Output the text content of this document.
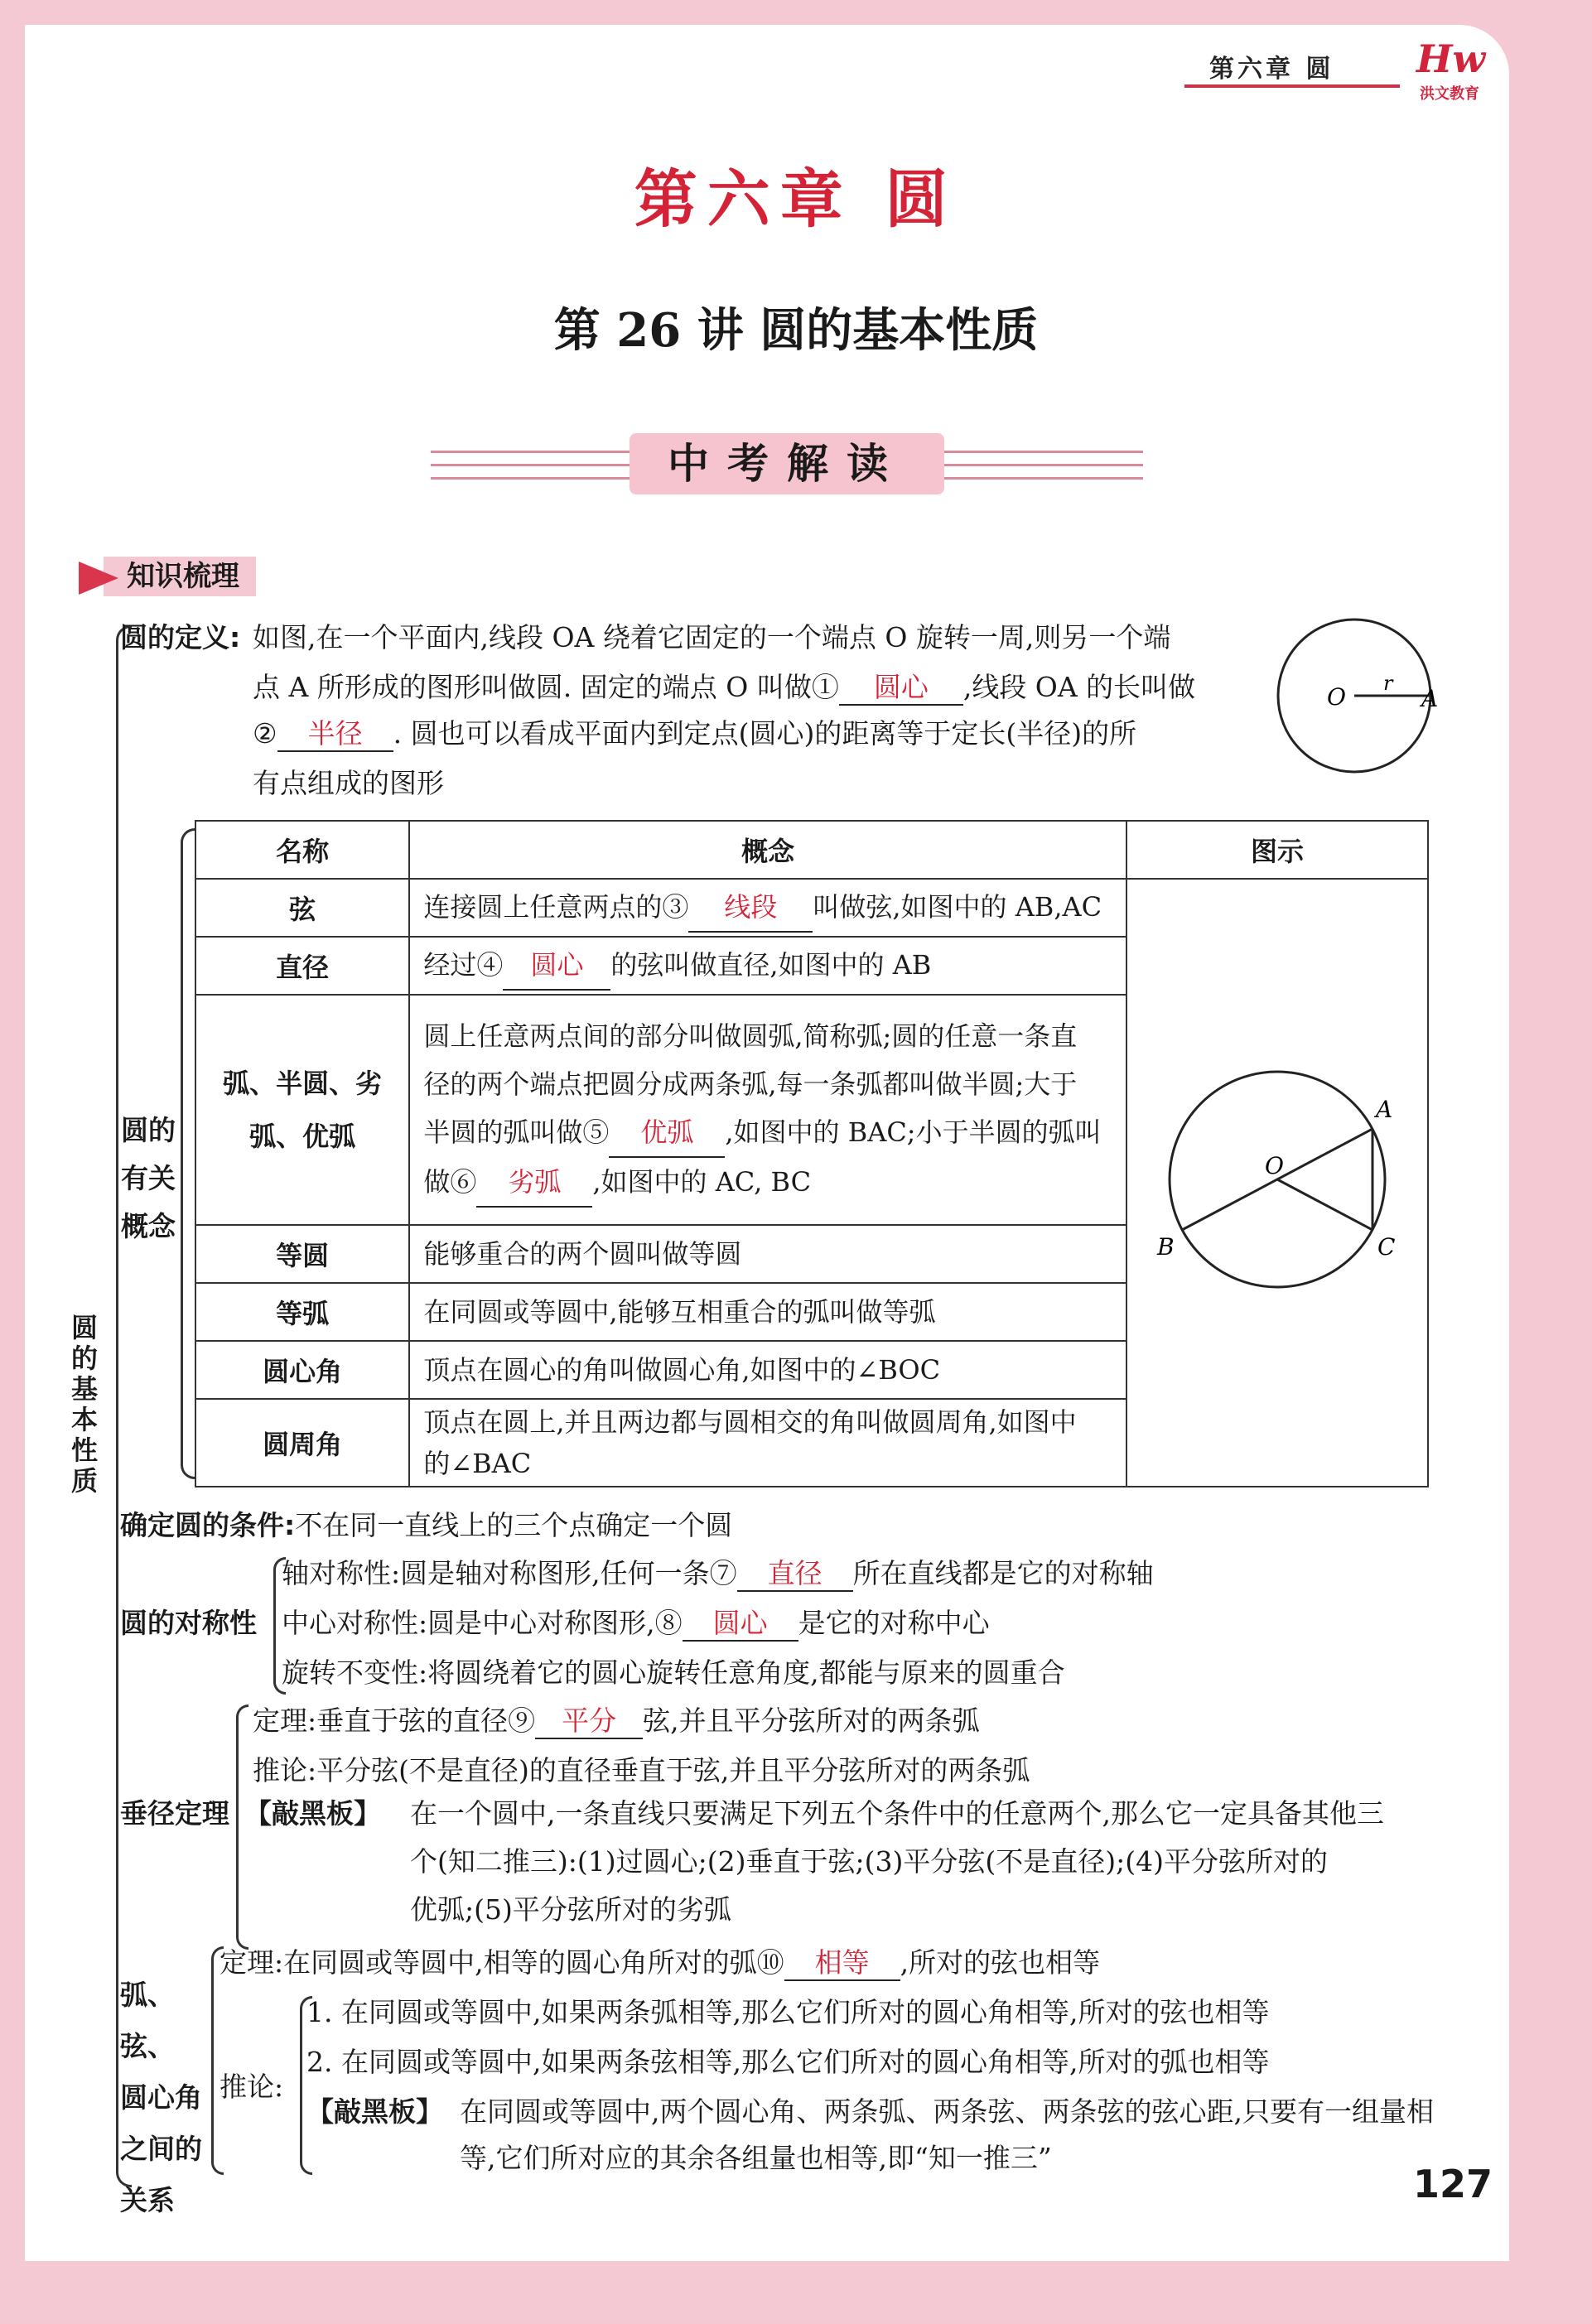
第六章 圆 Hw
洪文教育
第六章 圆
第 26 讲 圆的基本性质
中考解读
知识梳理
圆的基本性质
圆的定义: 如图,在一个平面内,线段 OA 绕着它固定的一个端点 O 旋转一周,则另一个端
点 A 所形成的图形叫做圆. 固定的端点 O 叫做① 圆心 ,线段 OA 的长叫做
② 半径 . 圆也可以看成平面内到定点(圆心)的距离等于定长(半径)的所
有点组成的图形
O r
A
圆的
有关
概念
名称	概念	图示
弦	连接圆上任意两点的③ 线段 叫做弦,如图中的 AB,AC	A
B C
O

直径	经过④ 圆心 的弦叫做直径,如图中的 AB	
弧、半圆、劣弧、优弧	圆上任意两点间的部分叫做圆弧,简称弧;圆的任意一条直
径的两个端点把圆分成两条弧,每一条弧都叫做半圆;大于
半圆的弧叫做⑤ 优弧 ,如图中的 BAC;小于半圆的弧叫
做⑥ 劣弧 ,如图中的 AC, BC	

等圆	能够重合的两个圆叫做等圆	
等弧	在同圆或等圆中,能够互相重合的弧叫做等弧	
圆心角	顶点在圆心的角叫做圆心角,如图中的∠BOC	
圆周角	顶点在圆上,并且两边都与圆相交的角叫做圆周角,如图中
的∠BAC	
确定圆的条件:不在同一直线上的三个点确定一个圆
圆的对称性
轴对称性:圆是轴对称图形,任何一条⑦ 直径 所在直线都是它的对称轴
中心对称性:圆是中心对称图形,⑧ 圆心 是它的对称中心
旋转不变性:将圆绕着它的圆心旋转任意角度,都能与原来的圆重合
垂径定理
定理:垂直于弦的直径⑨ 平分 弦,并且平分弦所对的两条弧
推论:平分弦(不是直径)的直径垂直于弦,并且平分弦所对的两条弧
【敲黑板】 在一个圆中,一条直线只要满足下列五个条件中的任意两个,那么它一定具备其他三
个(知二推三):(1)过圆心;(2)垂直于弦;(3)平分弦(不是直径);(4)平分弦所对的
优弧;(5)平分弦所对的劣弧
弧、弦、
圆心角
之间的
关系
定理:在同圆或等圆中,相等的圆心角所对的弧⑩ 相等 ,所对的弦也相等
推论:
1. 在同圆或等圆中,如果两条弧相等,那么它们所对的圆心角相等,所对的弦也相等
2. 在同圆或等圆中,如果两条弦相等,那么它们所对的圆心角相等,所对的弧也相等
【敲黑板】 在同圆或等圆中,两个圆心角、两条弧、两条弦、两条弦的弦心距,只要有一组量相
等,它们所对应的其余各组量也相等,即“知一推三”
127
